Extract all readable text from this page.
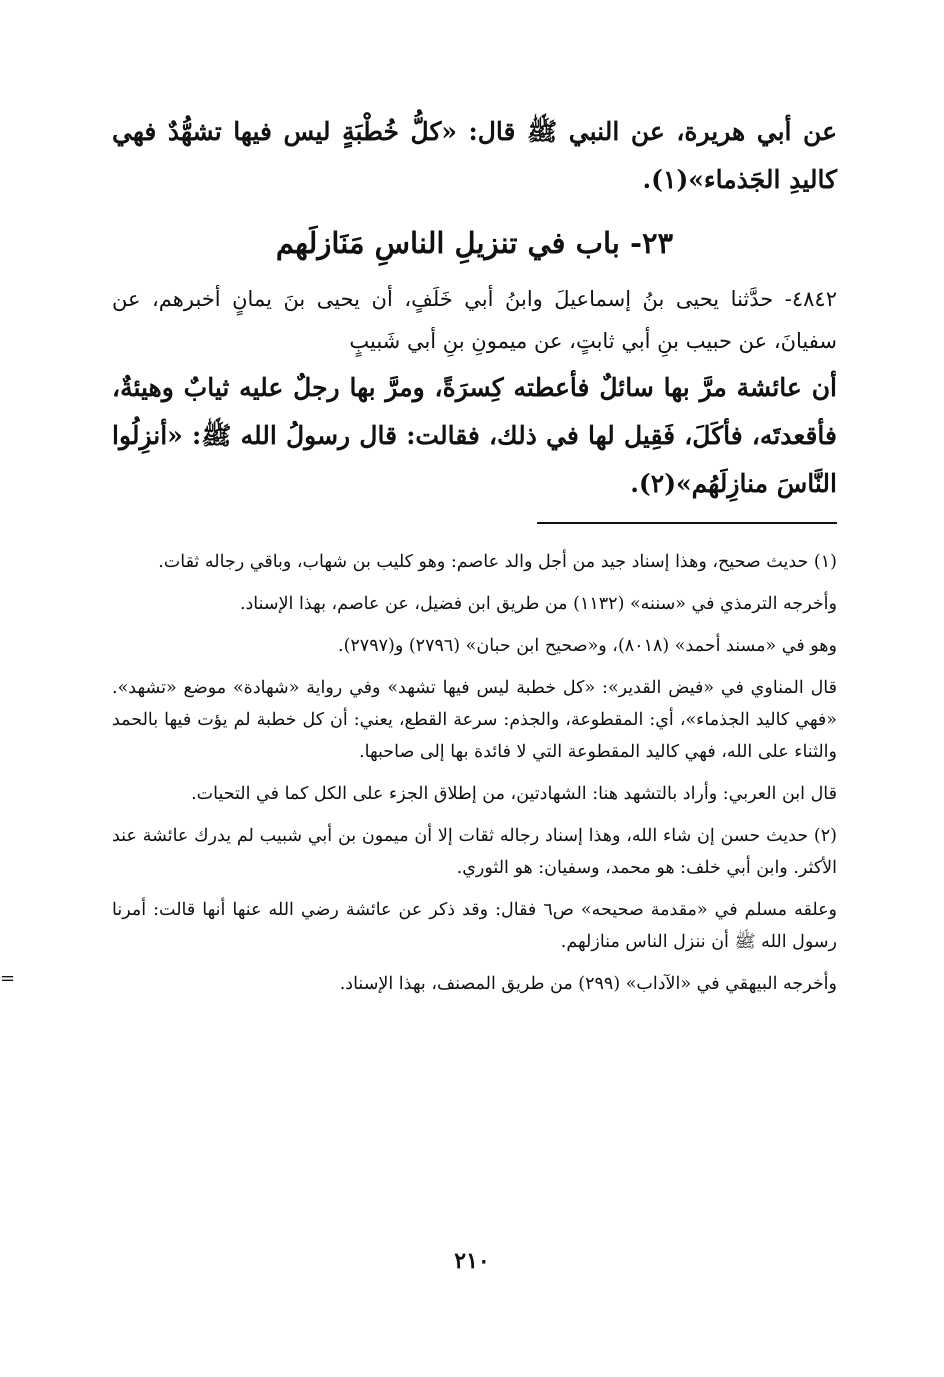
عن أبي هريرة، عن النبي ﷺ قال: «كلُّ خُطْبَةٍ ليس فيها تشهُّدٌ فهي كاليدِ الجَذماء»(١).

٢٣- باب في تنزيلِ الناسِ مَنَازلَهم

٤٨٤٢- حدَّثنا يحيى بنُ إسماعيلَ وابنُ أبي خَلَفٍ، أن يحيى بنَ يمانٍ أخبرهم، عن سفيانَ، عن حبيب بنِ أبي ثابتٍ، عن ميمونِ بنِ أبي شَبيبٍ

أن عائشة مرَّ بها سائلٌ فأعطته كِسرَةً، ومرَّ بها رجلٌ عليه ثيابٌ وهيئةٌ، فأقعدتَه، فأكَلَ، فَقِيل لها في ذلك، فقالت: قال رسولُ الله ﷺ: «أنزِلُوا النَّاسَ منازِلَهُم»(٢).

(١) حديث صحيح، وهذا إسناد جيد من أجل والد عاصم: وهو كليب بن شهاب، وباقي رجاله ثقات.

وأخرجه الترمذي في «سننه» (١١٣٢) من طريق ابن فضيل، عن عاصم، بهذا الإسناد.

وهو في «مسند أحمد» (٨٠١٨)، و«صحيح ابن حبان» (٢٧٩٦) و(٢٧٩٧).

قال المناوي في «فيض القدير»: «كل خطبة ليس فيها تشهد» وفي رواية «شهادة» موضع «تشهد». «فهي كاليد الجذماء»، أي: المقطوعة، والجذم: سرعة القطع، يعني: أن كل خطبة لم يؤت فيها بالحمد والثناء على الله، فهي كاليد المقطوعة التي لا فائدة بها إلى صاحبها.

قال ابن العربي: وأراد بالتشهد هنا: الشهادتين، من إطلاق الجزء على الكل كما في التحيات.

(٢) حديث حسن إن شاء الله، وهذا إسناد رجاله ثقات إلا أن ميمون بن أبي شبيب لم يدرك عائشة عند الأكثر. وابن أبي خلف: هو محمد، وسفيان: هو الثوري.

وعلقه مسلم في «مقدمة صحيحه» ص٦ فقال: وقد ذكر عن عائشة رضي الله عنها أنها قالت: أمرنا رسول الله ﷺ أن ننزل الناس منازلهم.

وأخرجه البيهقي في «الآداب» (٢٩٩) من طريق المصنف، بهذا الإسناد.

=
٢١٠
